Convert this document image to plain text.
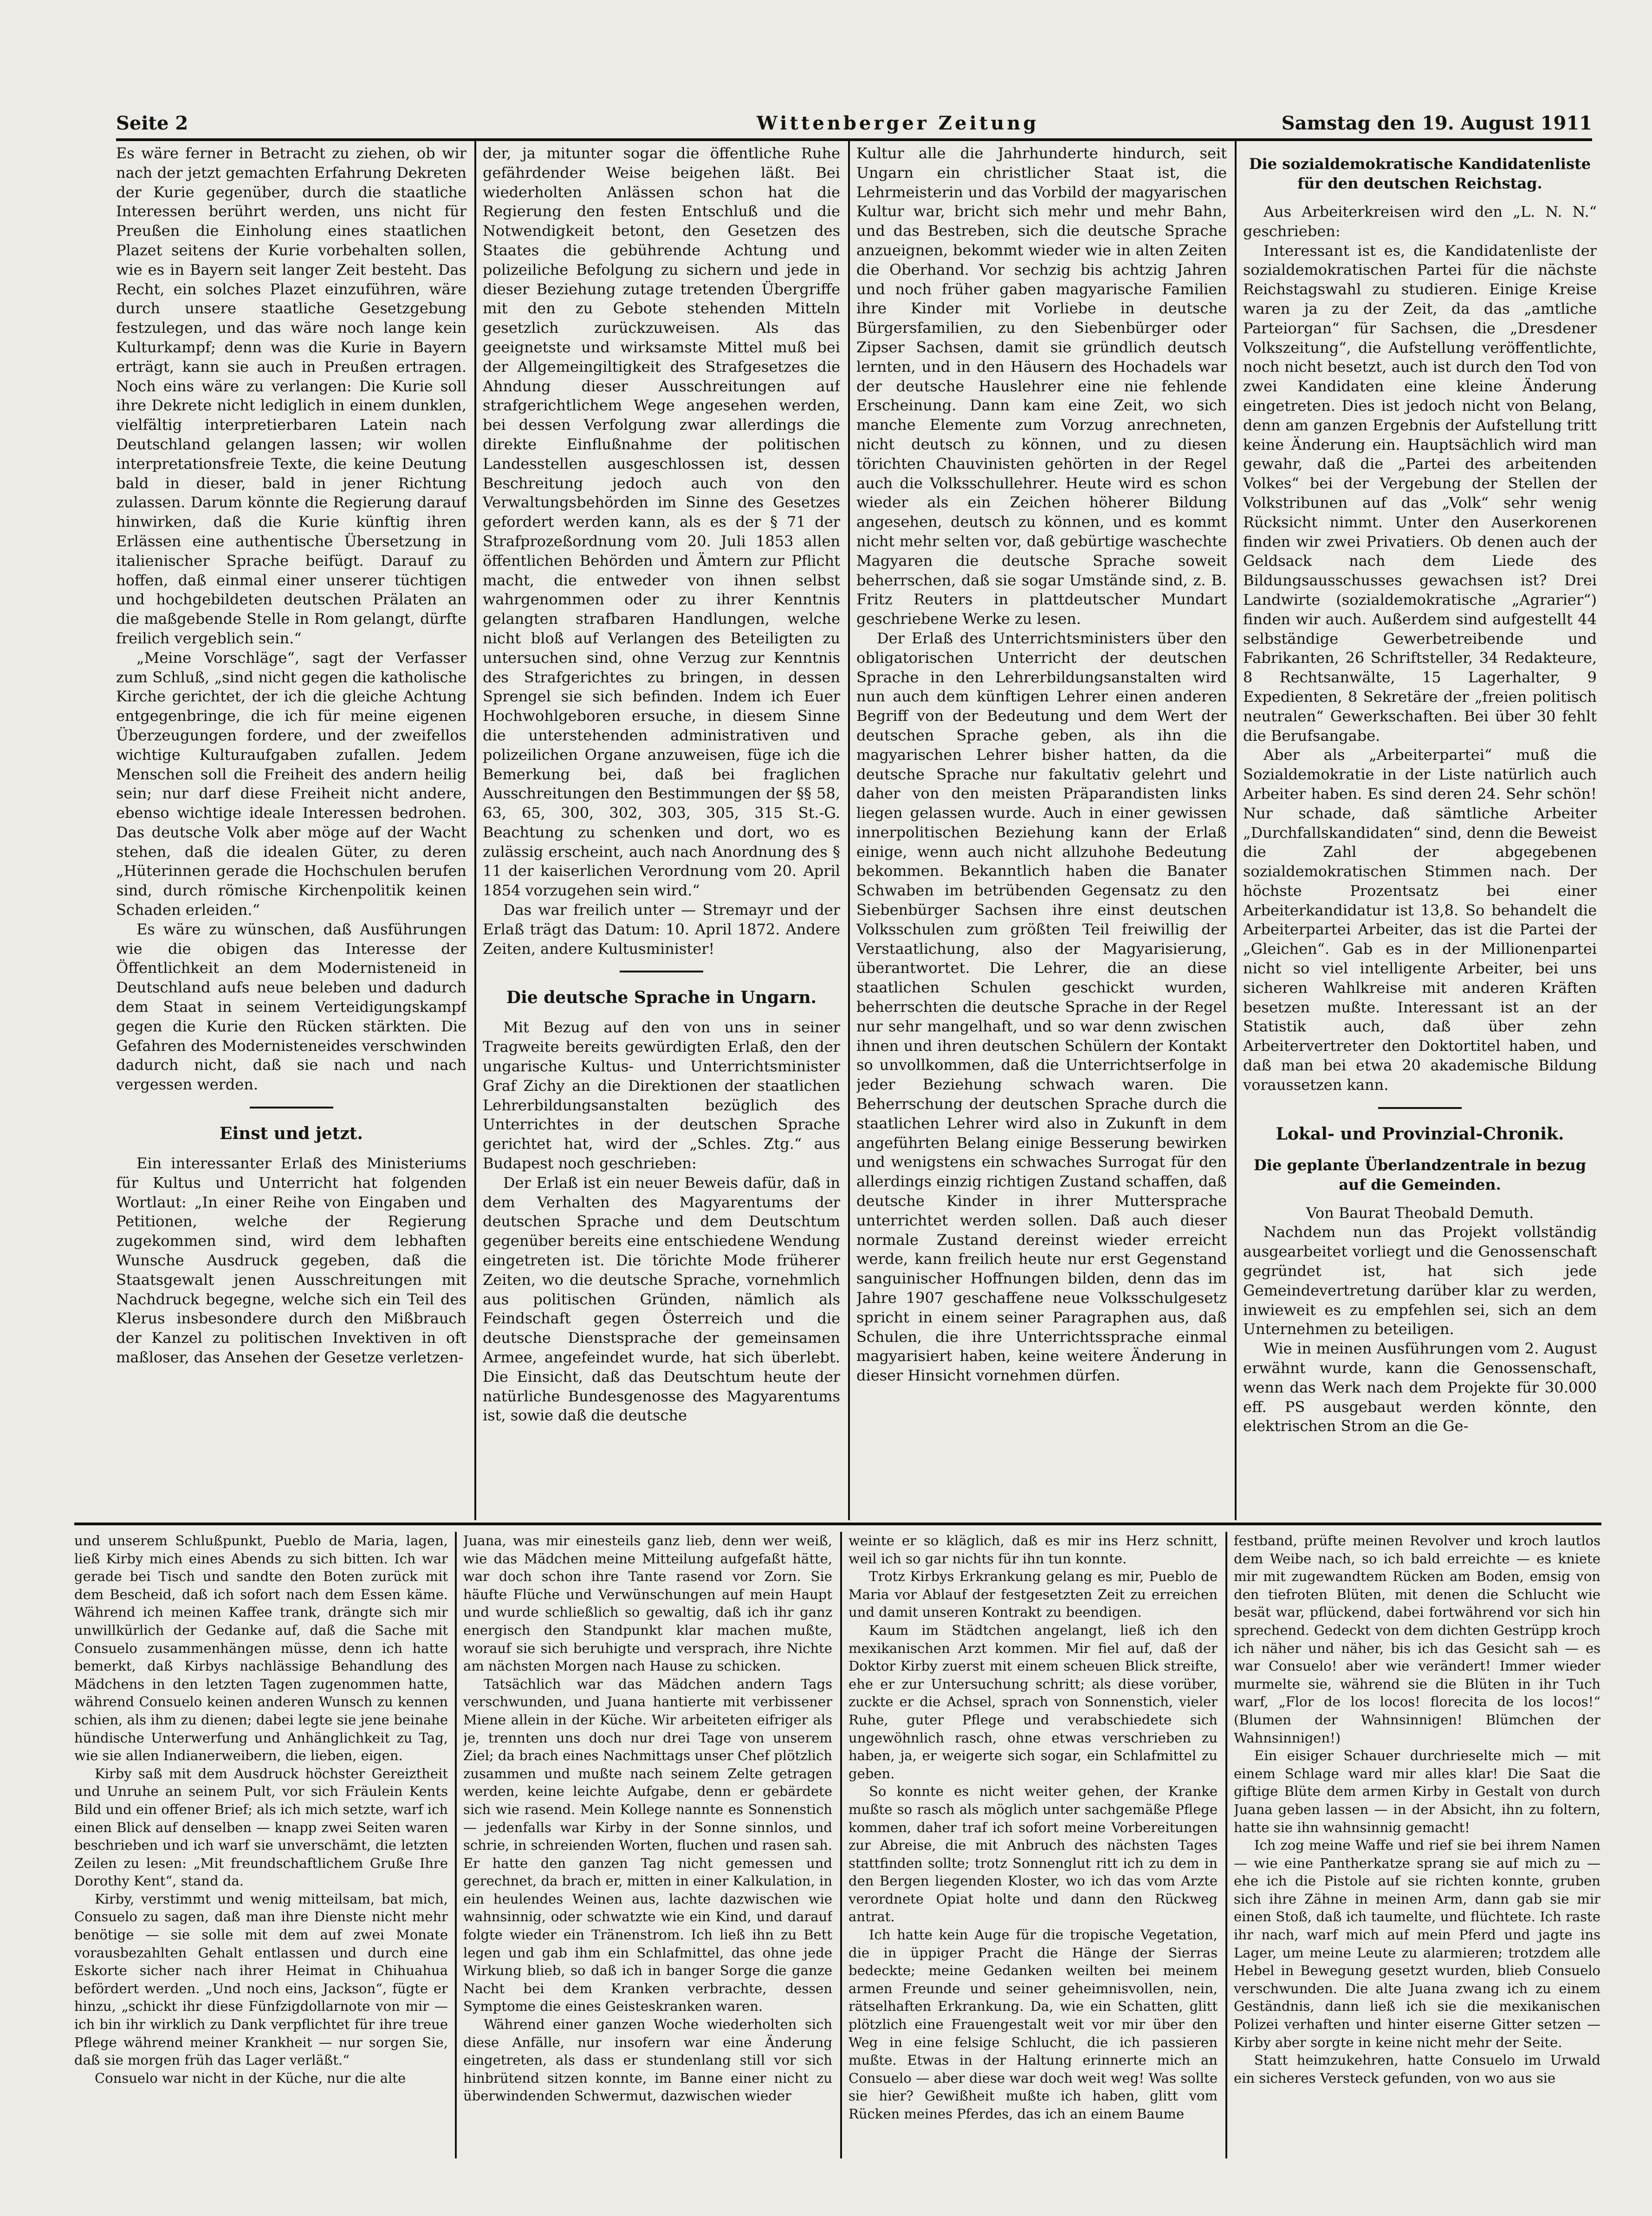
Seite 2	Wittenberger Zeitung	Samstag den 19. August 1911

Es wäre ferner in Betracht zu ziehen, ob wir nach der jetzt gemachten Erfahrung Dekreten der Kurie gegenüber, durch die staatliche Interessen berührt werden, uns nicht für Preußen die Einholung eines staatlichen Plazet seitens der Kurie vorbehalten sollen, wie es in Bayern seit langer Zeit besteht. Das Recht, ein solches Plazet einzuführen, wäre durch unsere staatliche Gesetzgebung festzulegen, und das wäre noch lange kein Kulturkampf; denn was die Kurie in Bayern erträgt, kann sie auch in Preußen ertragen. Noch eins wäre zu verlangen: Die Kurie soll ihre Dekrete nicht lediglich in einem dunklen, vielfältig interpretierbaren Latein nach Deutschland gelangen lassen; wir wollen interpretationsfreie Texte, die keine Deutung bald in dieser, bald in jener Richtung zulassen. Darum könnte die Regierung darauf hinwirken, daß die Kurie künftig ihren Erlässen eine authentische Übersetzung in italienischer Sprache beifügt. Darauf zu hoffen, daß einmal einer unserer tüchtigen und hochgebildeten deutschen Prälaten an die maßgebende Stelle in Rom gelangt, dürfte freilich vergeblich sein.“

„Meine Vorschläge“, sagt der Verfasser zum Schluß, „sind nicht gegen die katholische Kirche gerichtet, der ich die gleiche Achtung entgegenbringe, die ich für meine eigenen Überzeugungen fordere, und der zweifellos wichtige Kulturaufgaben zufallen. Jedem Menschen soll die Freiheit des andern heilig sein; nur darf diese Freiheit nicht andere, ebenso wichtige ideale Interessen bedrohen. Das deutsche Volk aber möge auf der Wacht stehen, daß die idealen Güter, zu deren „Hüterinnen gerade die Hochschulen berufen sind, durch römische Kirchenpolitik keinen Schaden erleiden.“

Es wäre zu wünschen, daß Ausführungen wie die obigen das Interesse der Öffentlichkeit an dem Modernisteneid in Deutschland aufs neue beleben und dadurch dem Staat in seinem Verteidigungskampf gegen die Kurie den Rücken stärkten. Die Gefahren des Modernisteneides verschwinden dadurch nicht, daß sie nach und nach vergessen werden.

Einst und jetzt.

Ein interessanter Erlaß des Ministeriums für Kultus und Unterricht hat folgenden Wortlaut: „In einer Reihe von Eingaben und Petitionen, welche der Regierung zugekommen sind, wird dem lebhaften Wunsche Ausdruck gegeben, daß die Staatsgewalt jenen Ausschreitungen mit Nachdruck begegne, welche sich ein Teil des Klerus insbesondere durch den Mißbrauch der Kanzel zu politischen Invektiven in oft maßloser, das Ansehen der Gesetze verletzen-

der, ja mitunter sogar die öffentliche Ruhe gefährdender Weise beigehen läßt. Bei wiederholten Anlässen schon hat die Regierung den festen Entschluß und die Notwendigkeit betont, den Gesetzen des Staates die gebührende Achtung und polizeiliche Befolgung zu sichern und jede in dieser Beziehung zutage tretenden Übergriffe mit den zu Gebote stehenden Mitteln gesetzlich zurückzuweisen. Als das geeignetste und wirksamste Mittel muß bei der Allgemeingiltigkeit des Strafgesetzes die Ahndung dieser Ausschreitungen auf strafgerichtlichem Wege angesehen werden, bei dessen Verfolgung zwar allerdings die direkte Einflußnahme der politischen Landesstellen ausgeschlossen ist, dessen Beschreitung jedoch auch von den Verwaltungsbehörden im Sinne des Gesetzes gefordert werden kann, als es der § 71 der Strafprozeßordnung vom 20. Juli 1853 allen öffentlichen Behörden und Ämtern zur Pflicht macht, die entweder von ihnen selbst wahrgenommen oder zu ihrer Kenntnis gelangten strafbaren Handlungen, welche nicht bloß auf Verlangen des Beteiligten zu untersuchen sind, ohne Verzug zur Kenntnis des Strafgerichtes zu bringen, in dessen Sprengel sie sich befinden. Indem ich Euer Hochwohlgeboren ersuche, in diesem Sinne die unterstehenden administrativen und polizeilichen Organe anzuweisen, füge ich die Bemerkung bei, daß bei fraglichen Ausschreitungen den Bestimmungen der §§ 58, 63, 65, 300, 302, 303, 305, 315 St.-G. Beachtung zu schenken und dort, wo es zulässig erscheint, auch nach Anordnung des § 11 der kaiserlichen Verordnung vom 20. April 1854 vorzugehen sein wird.“

Das war freilich unter — Stremayr und der Erlaß trägt das Datum: 10. April 1872. Andere Zeiten, andere Kultusminister!

Die deutsche Sprache in Ungarn.

Mit Bezug auf den von uns in seiner Tragweite bereits gewürdigten Erlaß, den der ungarische Kultus- und Unterrichtsminister Graf Zichy an die Direktionen der staatlichen Lehrerbildungsanstalten bezüglich des Unterrichtes in der deutschen Sprache gerichtet hat, wird der „Schles. Ztg.“ aus Budapest noch geschrieben:

Der Erlaß ist ein neuer Beweis dafür, daß in dem Verhalten des Magyarentums der deutschen Sprache und dem Deutschtum gegenüber bereits eine entschiedene Wendung eingetreten ist. Die törichte Mode früherer Zeiten, wo die deutsche Sprache, vornehmlich aus politischen Gründen, nämlich als Feindschaft gegen Österreich und die deutsche Dienstsprache der gemeinsamen Armee, angefeindet wurde, hat sich überlebt. Die Einsicht, daß das Deutschtum heute der natürliche Bundesgenosse des Magyarentums ist, sowie daß die deutsche

Kultur alle die Jahrhunderte hindurch, seit Ungarn ein christlicher Staat ist, die Lehrmeisterin und das Vorbild der magyarischen Kultur war, bricht sich mehr und mehr Bahn, und das Bestreben, sich die deutsche Sprache anzueignen, bekommt wieder wie in alten Zeiten die Oberhand. Vor sechzig bis achtzig Jahren und noch früher gaben magyarische Familien ihre Kinder mit Vorliebe in deutsche Bürgersfamilien, zu den Siebenbürger oder Zipser Sachsen, damit sie gründlich deutsch lernten, und in den Häusern des Hochadels war der deutsche Hauslehrer eine nie fehlende Erscheinung. Dann kam eine Zeit, wo sich manche Elemente zum Vorzug anrechneten, nicht deutsch zu können, und zu diesen törichten Chauvinisten gehörten in der Regel auch die Volksschullehrer. Heute wird es schon wieder als ein Zeichen höherer Bildung angesehen, deutsch zu können, und es kommt nicht mehr selten vor, daß gebürtige waschechte Magyaren die deutsche Sprache soweit beherrschen, daß sie sogar Umstände sind, z. B. Fritz Reuters in plattdeutscher Mundart geschriebene Werke zu lesen.

Der Erlaß des Unterrichtsministers über den obligatorischen Unterricht der deutschen Sprache in den Lehrerbildungsanstalten wird nun auch dem künftigen Lehrer einen anderen Begriff von der Bedeutung und dem Wert der deutschen Sprache geben, als ihn die magyarischen Lehrer bisher hatten, da die deutsche Sprache nur fakultativ gelehrt und daher von den meisten Präparandisten links liegen gelassen wurde. Auch in einer gewissen innerpolitischen Beziehung kann der Erlaß einige, wenn auch nicht allzuhohe Bedeutung bekommen. Bekanntlich haben die Banater Schwaben im betrübenden Gegensatz zu den Siebenbürger Sachsen ihre einst deutschen Volksschulen zum größten Teil freiwillig der Verstaatlichung, also der Magyarisierung, überantwortet. Die Lehrer, die an diese staatlichen Schulen geschickt wurden, beherrschten die deutsche Sprache in der Regel nur sehr mangelhaft, und so war denn zwischen ihnen und ihren deutschen Schülern der Kontakt so unvollkommen, daß die Unterrichtserfolge in jeder Beziehung schwach waren. Die Beherrschung der deutschen Sprache durch die staatlichen Lehrer wird also in Zukunft in dem angeführten Belang einige Besserung bewirken und wenigstens ein schwaches Surrogat für den allerdings einzig richtigen Zustand schaffen, daß deutsche Kinder in ihrer Muttersprache unterrichtet werden sollen. Daß auch dieser normale Zustand dereinst wieder erreicht werde, kann freilich heute nur erst Gegenstand sanguinischer Hoffnungen bilden, denn das im Jahre 1907 geschaffene neue Volksschulgesetz spricht in einem seiner Paragraphen aus, daß Schulen, die ihre Unterrichtssprache einmal magyarisiert haben, keine weitere Änderung in dieser Hinsicht vornehmen dürfen.

Die sozialdemokratische Kandidatenliste für den deutschen Reichstag.

Aus Arbeiterkreisen wird den „L. N. N.“ geschrieben:

Interessant ist es, die Kandidatenliste der sozialdemokratischen Partei für die nächste Reichstagswahl zu studieren. Einige Kreise waren ja zu der Zeit, da das „amtliche Parteiorgan“ für Sachsen, die „Dresdener Volkszeitung“, die Aufstellung veröffentlichte, noch nicht besetzt, auch ist durch den Tod von zwei Kandidaten eine kleine Änderung eingetreten. Dies ist jedoch nicht von Belang, denn am ganzen Ergebnis der Aufstellung tritt keine Änderung ein. Hauptsächlich wird man gewahr, daß die „Partei des arbeitenden Volkes“ bei der Vergebung der Stellen der Volkstribunen auf das „Volk“ sehr wenig Rücksicht nimmt. Unter den Auserkorenen finden wir zwei Privatiers. Ob denen auch der Geldsack nach dem Liede des Bildungsausschusses gewachsen ist? Drei Landwirte (sozialdemokratische „Agrarier“) finden wir auch. Außerdem sind aufgestellt 44 selbständige Gewerbetreibende und Fabrikanten, 26 Schriftsteller, 34 Redakteure, 8 Rechtsanwälte, 15 Lagerhalter, 9 Expedienten, 8 Sekretäre der „freien politisch neutralen“ Gewerkschaften. Bei über 30 fehlt die Berufsangabe.

Aber als „Arbeiterpartei“ muß die Sozialdemokratie in der Liste natürlich auch Arbeiter haben. Es sind deren 24. Sehr schön! Nur schade, daß sämtliche Arbeiter „Durchfallskandidaten“ sind, denn die Beweist die Zahl der abgegebenen sozialdemokratischen Stimmen nach. Der höchste Prozentsatz bei einer Arbeiterkandidatur ist 13,8. So behandelt die Arbeiterpartei Arbeiter, das ist die Partei der „Gleichen“. Gab es in der Millionenpartei nicht so viel intelligente Arbeiter, bei uns sicheren Wahlkreise mit anderen Kräften besetzen mußte. Interessant ist an der Statistik auch, daß über zehn Arbeitervertreter den Doktortitel haben, und daß man bei etwa 20 akademische Bildung voraussetzen kann.

Lokal- und Provinzial-Chronik.
Die geplante Überlandzentrale in bezug auf die Gemeinden.

Von Baurat Theobald Demuth.

Nachdem nun das Projekt vollständig ausgearbeitet vorliegt und die Genossenschaft gegründet ist, hat sich jede Gemeindevertretung darüber klar zu werden, inwieweit es zu empfehlen sei, sich an dem Unternehmen zu beteiligen.

Wie in meinen Ausführungen vom 2. August erwähnt wurde, kann die Genossenschaft, wenn das Werk nach dem Projekte für 30.000 eff. PS ausgebaut werden könnte, den elektrischen Strom an die Ge-

und unserem Schlußpunkt, Pueblo de Maria, lagen, ließ Kirby mich eines Abends zu sich bitten. Ich war gerade bei Tisch und sandte den Boten zurück mit dem Bescheid, daß ich sofort nach dem Essen käme. Während ich meinen Kaffee trank, drängte sich mir unwillkürlich der Gedanke auf, daß die Sache mit Consuelo zusammenhängen müsse, denn ich hatte bemerkt, daß Kirbys nachlässige Behandlung des Mädchens in den letzten Tagen zugenommen hatte, während Consuelo keinen anderen Wunsch zu kennen schien, als ihm zu dienen; dabei legte sie jene beinahe hündische Unterwerfung und Anhänglichkeit zu Tag, wie sie allen Indianerweibern, die lieben, eigen.

Kirby saß mit dem Ausdruck höchster Gereiztheit und Unruhe an seinem Pult, vor sich Fräulein Kents Bild und ein offener Brief; als ich mich setzte, warf ich einen Blick auf denselben — knapp zwei Seiten waren beschrieben und ich warf sie unverschämt, die letzten Zeilen zu lesen: „Mit freundschaftlichem Gruße Ihre Dorothy Kent“, stand da.

Kirby, verstimmt und wenig mitteilsam, bat mich, Consuelo zu sagen, daß man ihre Dienste nicht mehr benötige — sie solle mit dem auf zwei Monate vorausbezahlten Gehalt entlassen und durch eine Eskorte sicher nach ihrer Heimat in Chihuahua befördert werden. „Und noch eins, Jackson“, fügte er hinzu, „schickt ihr diese Fünfzigdollarnote von mir — ich bin ihr wirklich zu Dank verpflichtet für ihre treue Pflege während meiner Krankheit — nur sorgen Sie, daß sie morgen früh das Lager verläßt.“

Consuelo war nicht in der Küche, nur die alte

Juana, was mir einesteils ganz lieb, denn wer weiß, wie das Mädchen meine Mitteilung aufgefaßt hätte, war doch schon ihre Tante rasend vor Zorn. Sie häufte Flüche und Verwünschungen auf mein Haupt und wurde schließlich so gewaltig, daß ich ihr ganz energisch den Standpunkt klar machen mußte, worauf sie sich beruhigte und versprach, ihre Nichte am nächsten Morgen nach Hause zu schicken.

Tatsächlich war das Mädchen andern Tags verschwunden, und Juana hantierte mit verbissener Miene allein in der Küche. Wir arbeiteten eifriger als je, trennten uns doch nur drei Tage von unserem Ziel; da brach eines Nachmittags unser Chef plötzlich zusammen und mußte nach seinem Zelte getragen werden, keine leichte Aufgabe, denn er gebärdete sich wie rasend. Mein Kollege nannte es Sonnenstich — jedenfalls war Kirby in der Sonne sinnlos, und schrie, in schreienden Worten, fluchen und rasen sah. Er hatte den ganzen Tag nicht gemessen und gerechnet, da brach er, mitten in einer Kalkulation, in ein heulendes Weinen aus, lachte dazwischen wie wahnsinnig, oder schwatzte wie ein Kind, und darauf folgte wieder ein Tränenstrom. Ich ließ ihn zu Bett legen und gab ihm ein Schlafmittel, das ohne jede Wirkung blieb, so daß ich in banger Sorge die ganze Nacht bei dem Kranken verbrachte, dessen Symptome die eines Geisteskranken waren.

Während einer ganzen Woche wiederholten sich diese Anfälle, nur insofern war eine Änderung eingetreten, als dass er stundenlang still vor sich hinbrütend sitzen konnte, im Banne einer nicht zu überwindenden Schwermut, dazwischen wieder

weinte er so kläglich, daß es mir ins Herz schnitt, weil ich so gar nichts für ihn tun konnte.

Trotz Kirbys Erkrankung gelang es mir, Pueblo de Maria vor Ablauf der festgesetzten Zeit zu erreichen und damit unseren Kontrakt zu beendigen.

Kaum im Städtchen angelangt, ließ ich den mexikanischen Arzt kommen. Mir fiel auf, daß der Doktor Kirby zuerst mit einem scheuen Blick streifte, ehe er zur Untersuchung schritt; als diese vorüber, zuckte er die Achsel, sprach von Sonnenstich, vieler Ruhe, guter Pflege und verabschiedete sich ungewöhnlich rasch, ohne etwas verschrieben zu haben, ja, er weigerte sich sogar, ein Schlafmittel zu geben.

So konnte es nicht weiter gehen, der Kranke mußte so rasch als möglich unter sachgemäße Pflege kommen, daher traf ich sofort meine Vorbereitungen zur Abreise, die mit Anbruch des nächsten Tages stattfinden sollte; trotz Sonnenglut ritt ich zu dem in den Bergen liegenden Kloster, wo ich das vom Arzte verordnete Opiat holte und dann den Rückweg antrat.

Ich hatte kein Auge für die tropische Vegetation, die in üppiger Pracht die Hänge der Sierras bedeckte; meine Gedanken weilten bei meinem armen Freunde und seiner geheimnisvollen, nein, rätselhaften Erkrankung. Da, wie ein Schatten, glitt plötzlich eine Frauengestalt weit vor mir über den Weg in eine felsige Schlucht, die ich passieren mußte. Etwas in der Haltung erinnerte mich an Consuelo — aber diese war doch weit weg! Was sollte sie hier? Gewißheit mußte ich haben, glitt vom Rücken meines Pferdes, das ich an einem Baume

festband, prüfte meinen Revolver und kroch lautlos dem Weibe nach, so ich bald erreichte — es kniete mir mit zugewandtem Rücken am Boden, emsig von den tiefroten Blüten, mit denen die Schlucht wie besät war, pflückend, dabei fortwährend vor sich hin sprechend. Gedeckt von dem dichten Gestrüpp kroch ich näher und näher, bis ich das Gesicht sah — es war Consuelo! aber wie verändert! Immer wieder murmelte sie, während sie die Blüten in ihr Tuch warf, „Flor de los locos! florecita de los locos!“ (Blumen der Wahnsinnigen! Blümchen der Wahnsinnigen!)

Ein eisiger Schauer durchrieselte mich — mit einem Schlage ward mir alles klar! Die Saat die giftige Blüte dem armen Kirby in Gestalt von durch Juana geben lassen — in der Absicht, ihn zu foltern, hatte sie ihn wahnsinnig gemacht!

Ich zog meine Waffe und rief sie bei ihrem Namen — wie eine Pantherkatze sprang sie auf mich zu — ehe ich die Pistole auf sie richten konnte, gruben sich ihre Zähne in meinen Arm, dann gab sie mir einen Stoß, daß ich taumelte, und flüchtete. Ich raste ihr nach, warf mich auf mein Pferd und jagte ins Lager, um meine Leute zu alarmieren; trotzdem alle Hebel in Bewegung gesetzt wurden, blieb Consuelo verschwunden. Die alte Juana zwang ich zu einem Geständnis, dann ließ ich sie die mexikanischen Polizei verhaften und hinter eiserne Gitter setzen — Kirby aber sorgte in keine nicht mehr der Seite.

Statt heimzukehren, hatte Consuelo im Urwald ein sicheres Versteck gefunden, von wo aus sie
